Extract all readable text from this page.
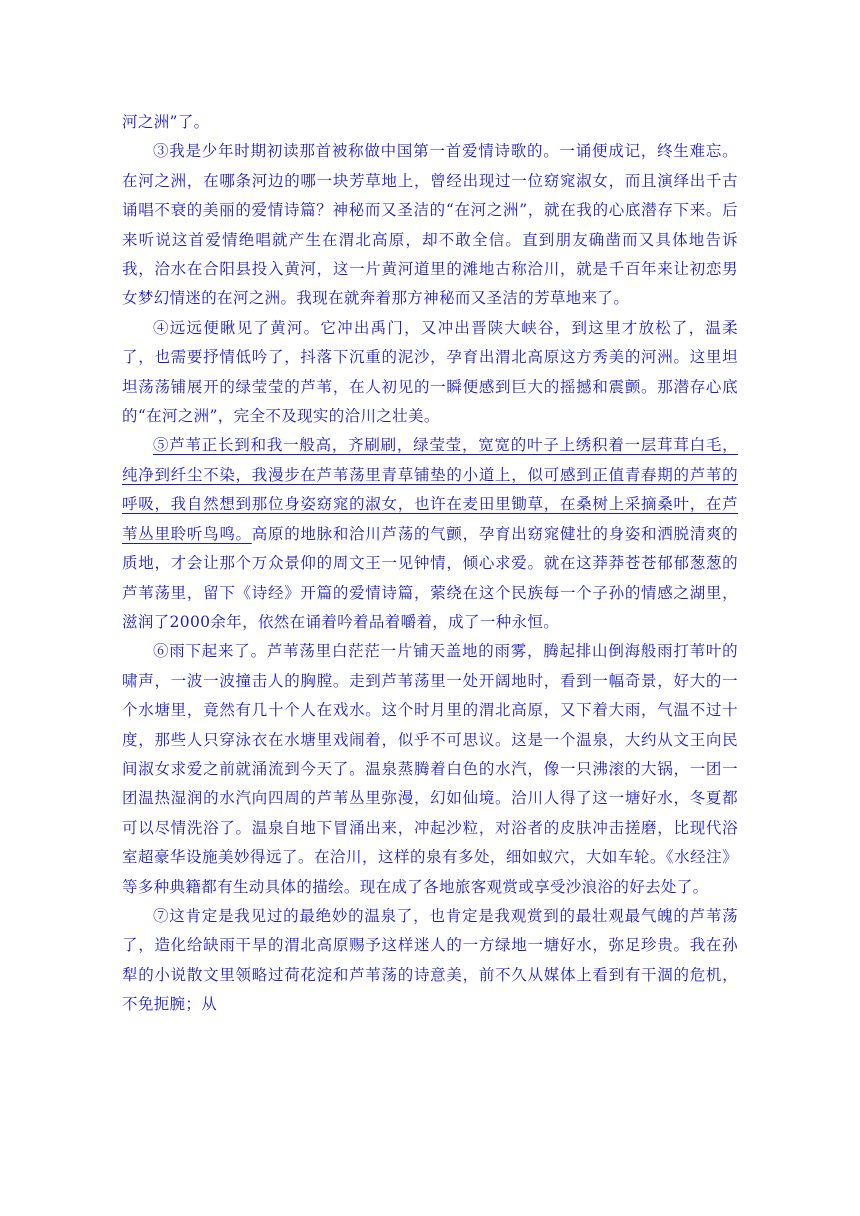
河之洲”了。

③我是少年时期初读那首被称做中国第一首爱情诗歌的。一诵便成记，终生难忘。在河之洲，在哪条河边的哪一块芳草地上，曾经出现过一位窈窕淑女，而且演绎出千古诵唱不衰的美丽的爱情诗篇？神秘而又圣洁的“在河之洲”，就在我的心底潜存下来。后来听说这首爱情绝唱就产生在渭北高原，却不敢全信。直到朋友确凿而又具体地告诉我，洽水在合阳县投入黄河，这一片黄河道里的滩地古称洽川，就是千百年来让初恋男女梦幻情迷的在河之洲。我现在就奔着那方神秘而又圣洁的芳草地来了。

④远远便瞅见了黄河。它冲出禹门，又冲出晋陕大峡谷，到这里才放松了，温柔了，也需要抒情低吟了，抖落下沉重的泥沙，孕育出渭北高原这方秀美的河洲。这里坦坦荡荡铺展开的绿莹莹的芦苇，在人初见的一瞬便感到巨大的摇撼和震颤。那潜存心底的“在河之洲”，完全不及现实的洽川之壮美。

⑤芦苇正长到和我一般高，齐刷刷，绿莹莹，宽宽的叶子上绣积着一层茸茸白毛，纯净到纤尘不染，我漫步在芦苇荡里青草铺垫的小道上，似可感到正值青春期的芦苇的呼吸，我自然想到那位身姿窈窕的淑女，也许在麦田里锄草，在桑树上采摘桑叶，在芦苇丛里聆听鸟鸣。高原的地脉和洽川芦荡的气颤，孕育出窈窕健壮的身姿和洒脱清爽的质地，才会让那个万众景仰的周文王一见钟情，倾心求爱。就在这莽莽苍苍郁郁葱葱的芦苇荡里，留下《诗经》开篇的爱情诗篇，萦绕在这个民族每一个子孙的情感之湖里，滋润了2000余年，依然在诵着吟着品着嚼着，成了一种永恒。

⑥雨下起来了。芦苇荡里白茫茫一片铺天盖地的雨雾，腾起排山倒海般雨打苇叶的啸声，一波一波撞击人的胸膛。走到芦苇荡里一处开阔地时，看到一幅奇景，好大的一个水塘里，竟然有几十个人在戏水。这个时月里的渭北高原，又下着大雨，气温不过十度，那些人只穿泳衣在水塘里戏闹着，似乎不可思议。这是一个温泉，大约从文王向民间淑女求爱之前就涌流到今天了。温泉蒸腾着白色的水汽，像一只沸滚的大锅，一团一团温热湿润的水汽向四周的芦苇丛里弥漫，幻如仙境。洽川人得了这一塘好水，冬夏都可以尽情洗浴了。温泉自地下冒涌出来，冲起沙粒，对浴者的皮肤冲击搓磨，比现代浴室超豪华设施美妙得远了。在洽川，这样的泉有多处，细如蚁穴，大如车轮。《水经注》等多种典籍都有生动具体的描绘。现在成了各地旅客观赏或享受沙浪浴的好去处了。

⑦这肯定是我见过的最绝妙的温泉了，也肯定是我观赏到的最壮观最气魄的芦苇荡了，造化给缺雨干旱的渭北高原赐予这样迷人的一方绿地一塘好水，弥足珍贵。我在孙犁的小说散文里领略过荷花淀和芦苇荡的诗意美，前不久从媒体上看到有干涸的危机，不免扼腕；从
